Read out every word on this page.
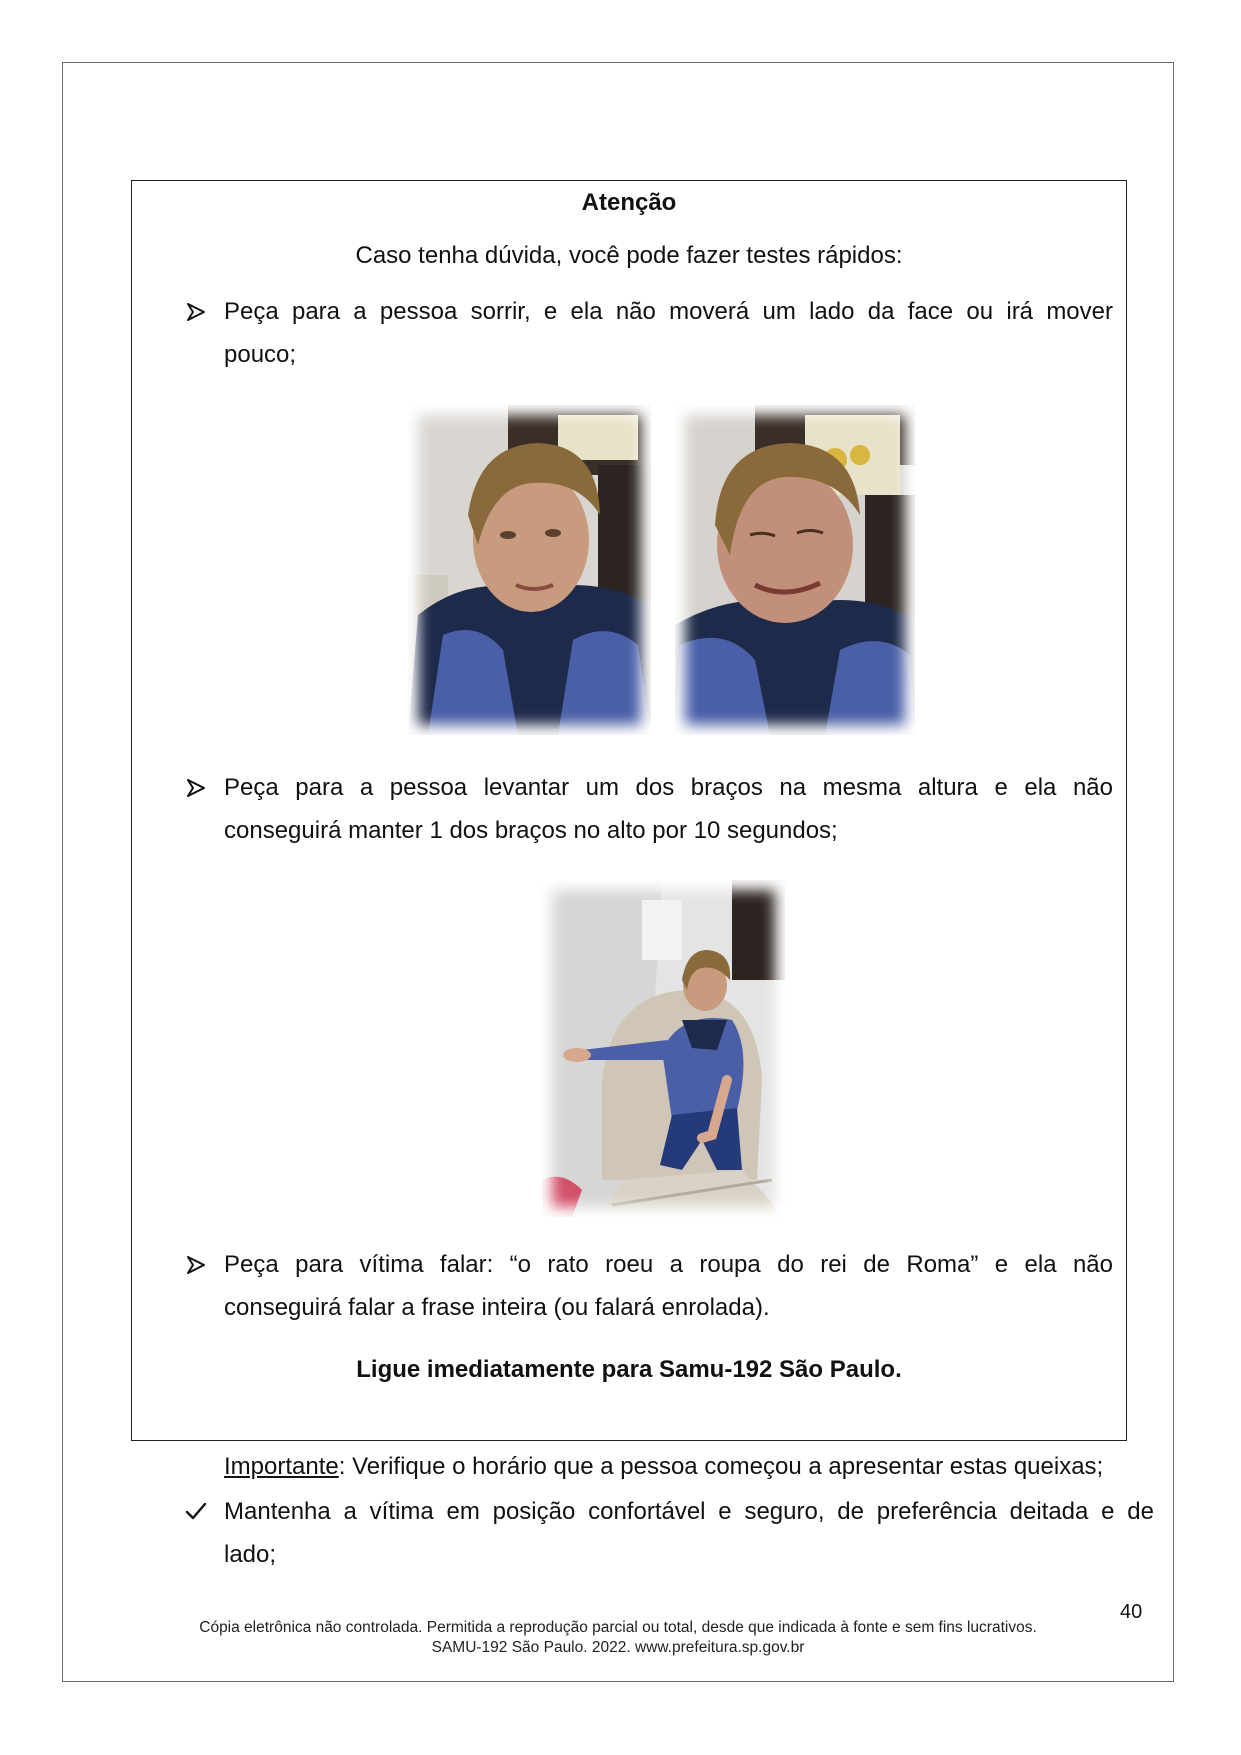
Atenção
Caso tenha dúvida, você pode fazer testes rápidos:
Peça para a pessoa sorrir, e ela não moverá um lado da face ou irá mover
pouco;
Peça para a pessoa levantar um dos braços na mesma altura e ela não
conseguirá manter 1 dos braços no alto por 10 segundos;
Peça para vítima falar: “o rato roeu a roupa do rei de Roma” e ela não
conseguirá falar a frase inteira (ou falará enrolada).
Ligue imediatamente para Samu-192 São Paulo.
Importante: Verifique o horário que a pessoa começou a apresentar estas queixas;
Mantenha a vítima em posição confortável e seguro, de preferência deitada e de
lado;
40
Cópia eletrônica não controlada. Permitida a reprodução parcial ou total, desde que indicada à fonte e sem fins lucrativos.
SAMU-192 São Paulo. 2022. www.prefeitura.sp.gov.br
